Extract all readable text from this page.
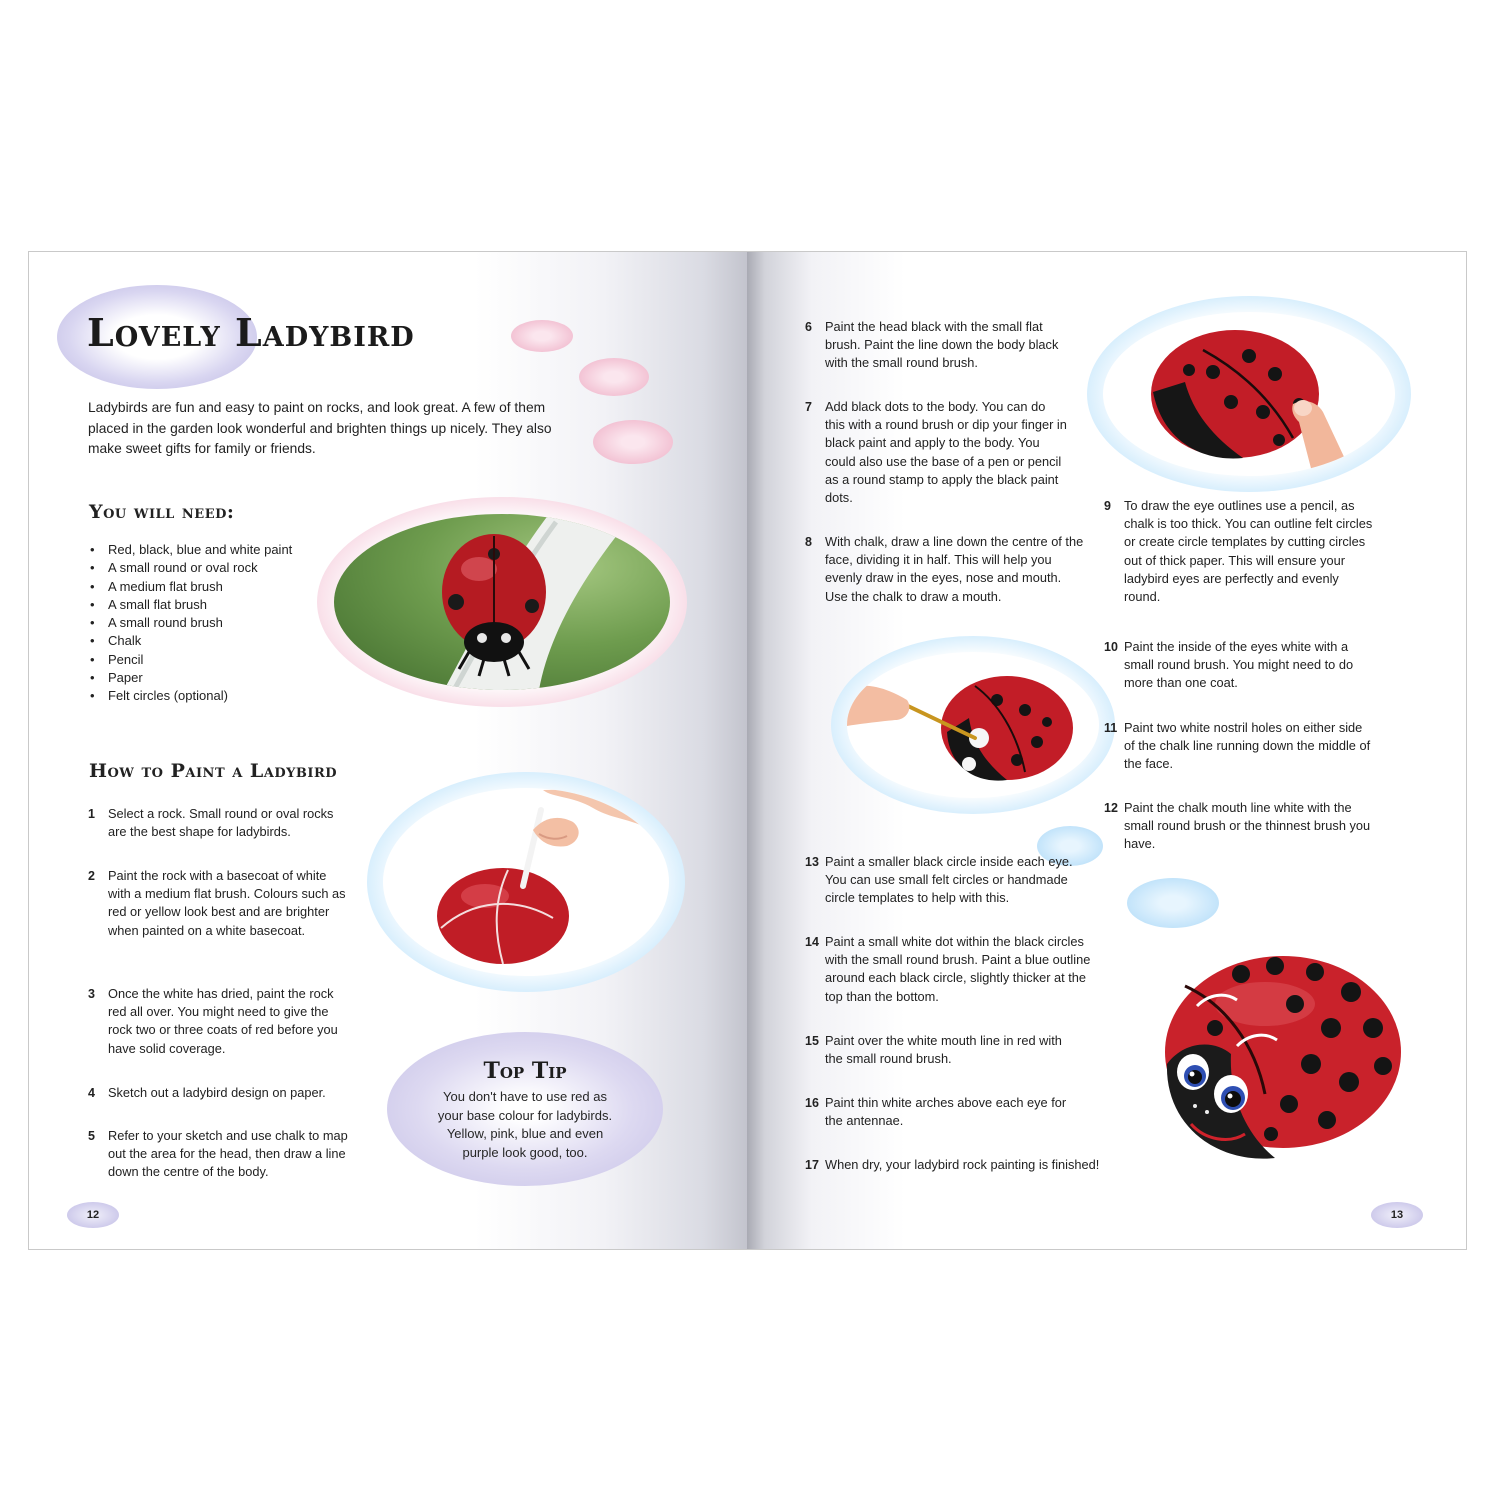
Lovely Ladybird
Ladybirds are fun and easy to paint on rocks, and look great. A few of them placed in the garden look wonderful and brighten things up nicely. They also make sweet gifts for family or friends.
You will need:
• Red, black, blue and white paint
• A small round or oval rock
• A medium flat brush
• A small flat brush
• A small round brush
• Chalk
• Pencil
• Paper
• Felt circles (optional)
How to Paint a Ladybird
1	Select a rock. Small round or oval rocks are the best shape for ladybirds.
2	Paint the rock with a basecoat of white with a medium flat brush. Colours such as red or yellow look best and are brighter when painted on a white basecoat.
3	Once the white has dried, paint the rock red all over. You might need to give the rock two or three coats of red before you have solid coverage.
4	Sketch out a ladybird design on paper.
5	Refer to your sketch and use chalk to map out the area for the head, then draw a line down the centre of the body.
Top Tip
You don't have to use red as your base colour for ladybirds. Yellow, pink, blue and even purple look good, too.
12
6	Paint the head black with the small flat brush. Paint the line down the body black with the small round brush.
7	Add black dots to the body. You can do this with a round brush or dip your finger in black paint and apply to the body. You could also use the base of a pen or pencil as a round stamp to apply the black paint dots.
8	With chalk, draw a line down the centre of the face, dividing it in half. This will help you evenly draw in the eyes, nose and mouth. Use the chalk to draw a mouth.
9	To draw the eye outlines use a pencil, as chalk is too thick. You can outline felt circles or create circle templates by cutting circles out of thick paper. This will ensure your ladybird eyes are perfectly and evenly round.
10 Paint the inside of the eyes white with a small round brush. You might need to do more than one coat.
11 Paint two white nostril holes on either side of the chalk line running down the middle of the face.
12 Paint the chalk mouth line white with the small round brush or the thinnest brush you have.
13 Paint a smaller black circle inside each eye. You can use small felt circles or handmade circle templates to help with this.
14 Paint a small white dot within the black circles with the small round brush. Paint a blue outline around each black circle, slightly thicker at the top than the bottom.
15 Paint over the white mouth line in red with the small round brush.
16 Paint thin white arches above each eye for the antennae.
17 When dry, your ladybird rock painting is finished!
13
